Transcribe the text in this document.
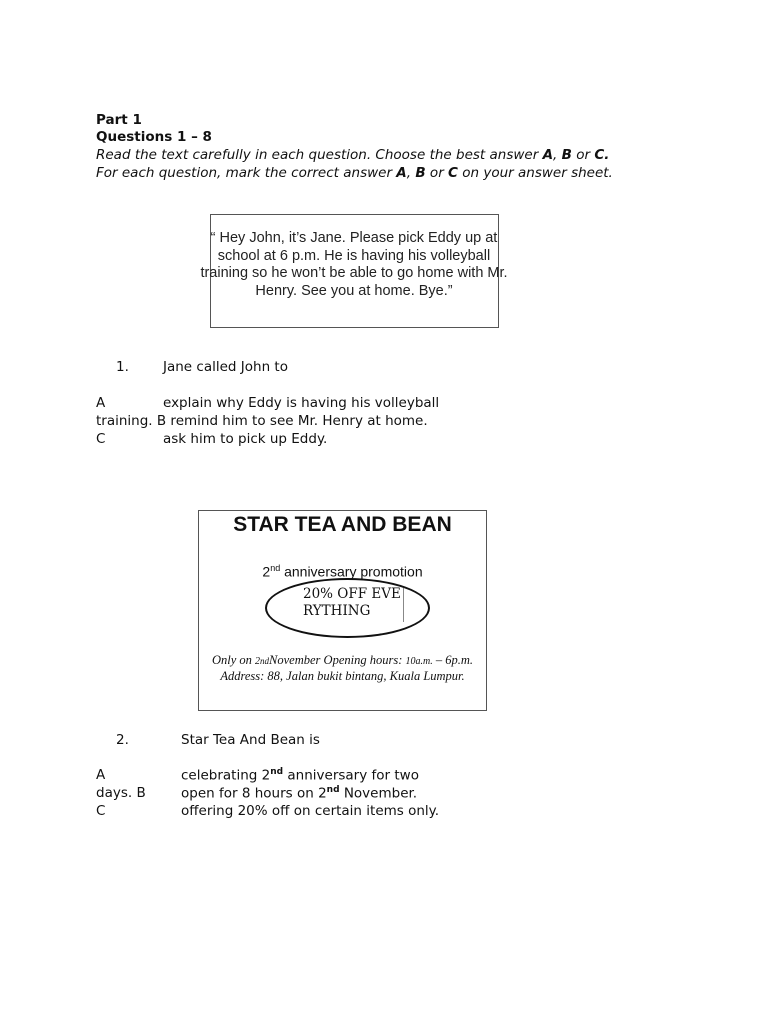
Part 1
Questions 1 – 8
Read the text carefully in each question. Choose the best answer A, B or C.
For each question, mark the correct answer A, B or C on your answer sheet.
“ Hey John, it’s Jane. Please pick Eddy up at school at 6 p.m. He is having his volleyball training so he won’t be able to go home with Mr. Henry. See you at home. Bye.”
1.	Jane called John to
A	explain why Eddy is having his volleyball
training. B remind him to see Mr. Henry at home.
C	ask him to pick up Eddy.
STAR TEA AND BEAN
2nd anniversary promotion
20% OFF EVERYTHING
Only on 2ndNovember Opening hours: 10a.m. – 6p.m.
Address: 88, Jalan bukit bintang, Kuala Lumpur.
2.	Star Tea And Bean is
A	celebrating 2nd anniversary for two
days. B	open for 8 hours on 2nd November.
C	offering 20% off on certain items only.
